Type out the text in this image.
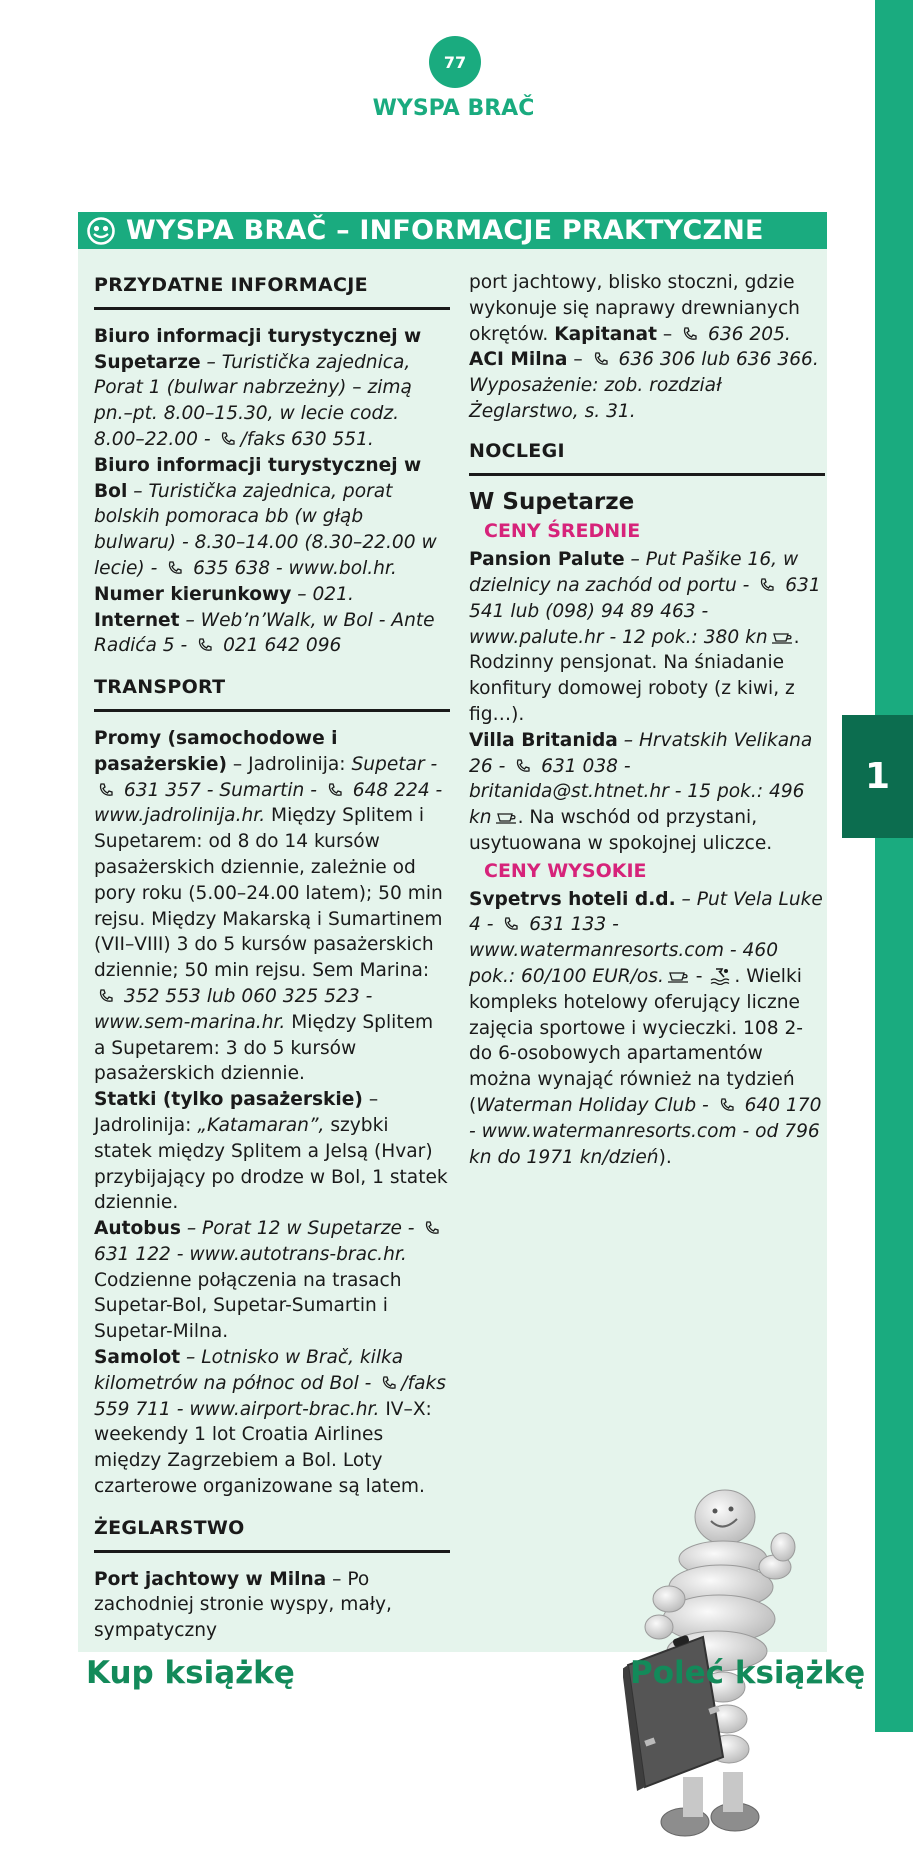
1
77
WYSPA BRAČ
WYSPA BRAČ – INFORMACJE PRAKTYCZNE
PRZYDATNE INFORMACJE

Biuro informacji turystycznej w Supetarze – Turistička zajednica, Porat 1 (bulwar nabrzeżny) – zimą pn.–pt. 8.00–15.30, w lecie codz. 8.00–22.00 - /faks 630 551.

Biuro informacji turystycznej w Bol – Turistička zajednica, porat bolskih pomoraca bb (w głąb bulwaru) - 8.30–14.00 (8.30–22.00 w lecie) -  635 638 - www.bol.hr.

Numer kierunkowy – 021.

Internet – Web’n’Walk, w Bol - Ante Radića 5 -  021 642 096

TRANSPORT

Promy (samochodowe i pasażerskie) – Jadrolinija: Supetar -  631 357 - Sumartin -  648 224 - www.jadrolinija.hr. Między Splitem i Supetarem: od 8 do 14 kursów pasażerskich dziennie, zależnie od pory roku (5.00–24.00 latem); 50 min rejsu. Między Makarską i Sumartinem (VII–VIII) 3 do 5 kursów pasażerskich dziennie; 50 min rejsu. Sem Marina:  352 553 lub 060 325 523 - www.sem-marina.hr. Między Splitem a Supetarem: 3 do 5 kursów pasażerskich dziennie.

Statki (tylko pasażerskie) – Jadrolinija: „Katamaran”, szybki statek między Splitem a Jelsą (Hvar) przybijający po drodze w Bol, 1 statek dziennie.

Autobus – Porat 12 w Supetarze -  631 122 - www.autotrans-brac.hr. Codzienne połączenia na trasach Supetar-Bol, Supetar-Sumartin i Supetar-Milna.

Samolot – Lotnisko w Brač, kilka kilometrów na północ od Bol - /faks 559 711 - www.airport-brac.hr. IV–X: weekendy 1 lot Croatia Airlines między Zagrzebiem a Bol. Loty czarterowe organizowane są latem.

ŻEGLARSTWO

Port jachtowy w Milna – Po zachodniej stronie wyspy, mały, sympatyczny

port jachtowy, blisko stoczni, gdzie wykonuje się naprawy drewnianych okrętów. Kapitanat –  636 205.

ACI Milna –  636 306 lub 636 366. Wyposażenie: zob. rozdział Żeglarstwo, s. 31.

NOCLEGI
W Supetarze
CENY ŚREDNIE

Pansion Palute – Put Pašike 16, w dzielnicy na zachód od portu -  631 541 lub (098) 94 89 463 - www.palute.hr - 12 pok.: 380 kn . Rodzinny pensjonat. Na śniadanie konfitury domowej roboty (z kiwi, z fig…).

Villa Britanida – Hrvatskih Velikana 26 -  631 038 - britanida@st.htnet.hr - 15 pok.: 496 kn . Na wschód od przystani, usytuowana w spokojnej uliczce.

CENY WYSOKIE

Svpetrvs hoteli d.d. – Put Vela Luke 4 -  631 133 - www.watermanresorts.com - 460 pok.: 60/100 EUR/os. - . Wielki kompleks hotelowy oferujący liczne zajęcia sportowe i wycieczki. 108 2- do 6-osobowych apartamentów można wynająć również na tydzień (Waterman Holiday Club -  640 170 - www.watermanresorts.com - od 796 kn do 1971 kn/dzień).

Kup książkę	Poleć książkę
